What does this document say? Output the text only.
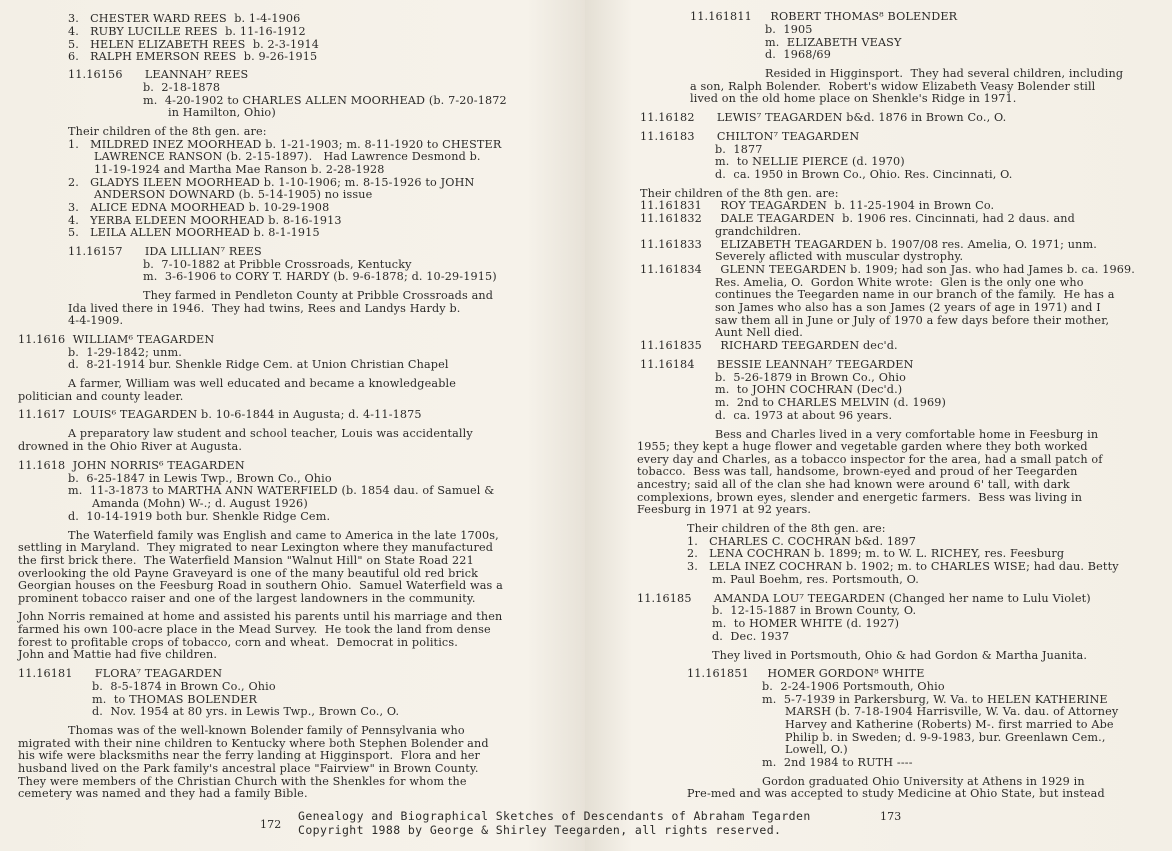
3.   CHESTER WARD REES  b. 1-4-1906
4.   RUBY LUCILLE REES  b. 11-16-1912
5.   HELEN ELIZABETH REES  b. 2-3-1914
6.   RALPH EMERSON REES  b. 9-26-1915
11.16156      LEANNAH⁷ REES
b.  2-18-1878
m.  4-20-1902 to CHARLES ALLEN MOORHEAD (b. 7-20-1872
in Hamilton, Ohio)
Their children of the 8th gen. are:
1.   MILDRED INEZ MOORHEAD b. 1-21-1903; m. 8-11-1920 to CHESTER
LAWRENCE RANSON (b. 2-15-1897).   Had Lawrence Desmond b.
11-19-1924 and Martha Mae Ranson b. 2-28-1928
2.   GLADYS ILEEN MOORHEAD b. 1-10-1906; m. 8-15-1926 to JOHN
ANDERSON DOWNARD (b. 5-14-1905) no issue
3.   ALICE EDNA MOORHEAD b. 10-29-1908
4.   YERBA ELDEEN MOORHEAD b. 8-16-1913
5.   LEILA ALLEN MOORHEAD b. 8-1-1915
11.16157      IDA LILLIAN⁷ REES
b.  7-10-1882 at Pribble Crossroads, Kentucky
m.  3-6-1906 to CORY T. HARDY (b. 9-6-1878; d. 10-29-1915)
They farmed in Pendleton County at Pribble Crossroads and
Ida lived there in 1946.  They had twins, Rees and Landys Hardy b.
4-4-1909.
11.1616  WILLIAM⁶ TEAGARDEN
b.  1-29-1842; unm.
d.  8-21-1914 bur. Shenkle Ridge Cem. at Union Christian Chapel
A farmer, William was well educated and became a knowledgeable
politician and county leader.
11.1617  LOUIS⁶ TEAGARDEN b. 10-6-1844 in Augusta; d. 4-11-1875
A preparatory law student and school teacher, Louis was accidentally
drowned in the Ohio River at Augusta.
11.1618  JOHN NORRIS⁶ TEAGARDEN
b.  6-25-1847 in Lewis Twp., Brown Co., Ohio
m.  11-3-1873 to MARTHA ANN WATERFIELD (b. 1854 dau. of Samuel &
Amanda (Mohn) W-.; d. August 1926)
d.  10-14-1919 both bur. Shenkle Ridge Cem.
The Waterfield family was English and came to America in the late 1700s,
settling in Maryland.  They migrated to near Lexington where they manufactured
the first brick there.  The Waterfield Mansion "Walnut Hill" on State Road 221
overlooking the old Payne Graveyard is one of the many beautiful old red brick
Georgian houses on the Feesburg Road in southern Ohio.  Samuel Waterfield was a
prominent tobacco raiser and one of the largest landowners in the community.
John Norris remained at home and assisted his parents until his marriage and then
farmed his own 100-acre place in the Mead Survey.  He took the land from dense
forest to profitable crops of tobacco, corn and wheat.  Democrat in politics.
John and Mattie had five children.
11.16181      FLORA⁷ TEAGARDEN
b.  8-5-1874 in Brown Co., Ohio
m.  to THOMAS BOLENDER
d.  Nov. 1954 at 80 yrs. in Lewis Twp., Brown Co., O.
Thomas was of the well-known Bolender family of Pennsylvania who
migrated with their nine children to Kentucky where both Stephen Bolender and
his wife were blacksmiths near the ferry landing at Higginsport.  Flora and her
husband lived on the Park family's ancestral place "Fairview" in Brown County.
They were members of the Christian Church with the Shenkles for whom the
cemetery was named and they had a family Bible.
172
11.161811     ROBERT THOMAS⁸ BOLENDER
b.  1905
m.  ELIZABETH VEASY
d.  1968/69
Resided in Higginsport.  They had several children, including
a son, Ralph Bolender.  Robert's widow Elizabeth Veasy Bolender still
lived on the old home place on Shenkle's Ridge in 1971.
11.16182      LEWIS⁷ TEAGARDEN b&d. 1876 in Brown Co., O.
11.16183      CHILTON⁷ TEAGARDEN
b.  1877
m.  to NELLIE PIERCE (d. 1970)
d.  ca. 1950 in Brown Co., Ohio. Res. Cincinnati, O.
Their children of the 8th gen. are:
11.161831     ROY TEAGARDEN  b. 11-25-1904 in Brown Co.
11.161832     DALE TEAGARDEN  b. 1906 res. Cincinnati, had 2 daus. and
grandchildren.
11.161833     ELIZABETH TEAGARDEN b. 1907/08 res. Amelia, O. 1971; unm.
Severely aflicted with muscular dystrophy.
11.161834     GLENN TEEGARDEN b. 1909; had son Jas. who had James b. ca. 1969.
Res. Amelia, O.  Gordon White wrote:  Glen is the only one who
continues the Teegarden name in our branch of the family.  He has a
son James who also has a son James (2 years of age in 1971) and I
saw them all in June or July of 1970 a few days before their mother,
Aunt Nell died.
11.161835     RICHARD TEEGARDEN dec'd.
11.16184      BESSIE LEANNAH⁷ TEEGARDEN
b.  5-26-1879 in Brown Co., Ohio
m.  to JOHN COCHRAN (Dec'd.)
m.  2nd to CHARLES MELVIN (d. 1969)
d.  ca. 1973 at about 96 years.
Bess and Charles lived in a very comfortable home in Feesburg in
1955; they kept a huge flower and vegetable garden where they both worked
every day and Charles, as a tobacco inspector for the area, had a small patch of
tobacco.  Bess was tall, handsome, brown-eyed and proud of her Teegarden
ancestry; said all of the clan she had known were around 6' tall, with dark
complexions, brown eyes, slender and energetic farmers.  Bess was living in
Feesburg in 1971 at 92 years.
Their children of the 8th gen. are:
1.   CHARLES C. COCHRAN b&d. 1897
2.   LENA COCHRAN b. 1899; m. to W. L. RICHEY, res. Feesburg
3.   LELA INEZ COCHRAN b. 1902; m. to CHARLES WISE; had dau. Betty
m. Paul Boehm, res. Portsmouth, O.
11.16185      AMANDA LOU⁷ TEEGARDEN (Changed her name to Lulu Violet)
b.  12-15-1887 in Brown County, O.
m.  to HOMER WHITE (d. 1927)
d.  Dec. 1937
They lived in Portsmouth, Ohio & had Gordon & Martha Juanita.
11.161851     HOMER GORDON⁸ WHITE
b.  2-24-1906 Portsmouth, Ohio
m.  5-7-1939 in Parkersburg, W. Va. to HELEN KATHERINE
MARSH (b. 7-18-1904 Harrisville, W. Va. dau. of Attorney
Harvey and Katherine (Roberts) M-. first married to Abe
Philip b. in Sweden; d. 9-9-1983, bur. Greenlawn Cem.,
Lowell, O.)
m.  2nd 1984 to RUTH ----
Gordon graduated Ohio University at Athens in 1929 in
Pre-med and was accepted to study Medicine at Ohio State, but instead
173
Genealogy and Biographical Sketches of Descendants of Abraham Tegarden
Copyright 1988 by George & Shirley Teegarden, all rights reserved.
